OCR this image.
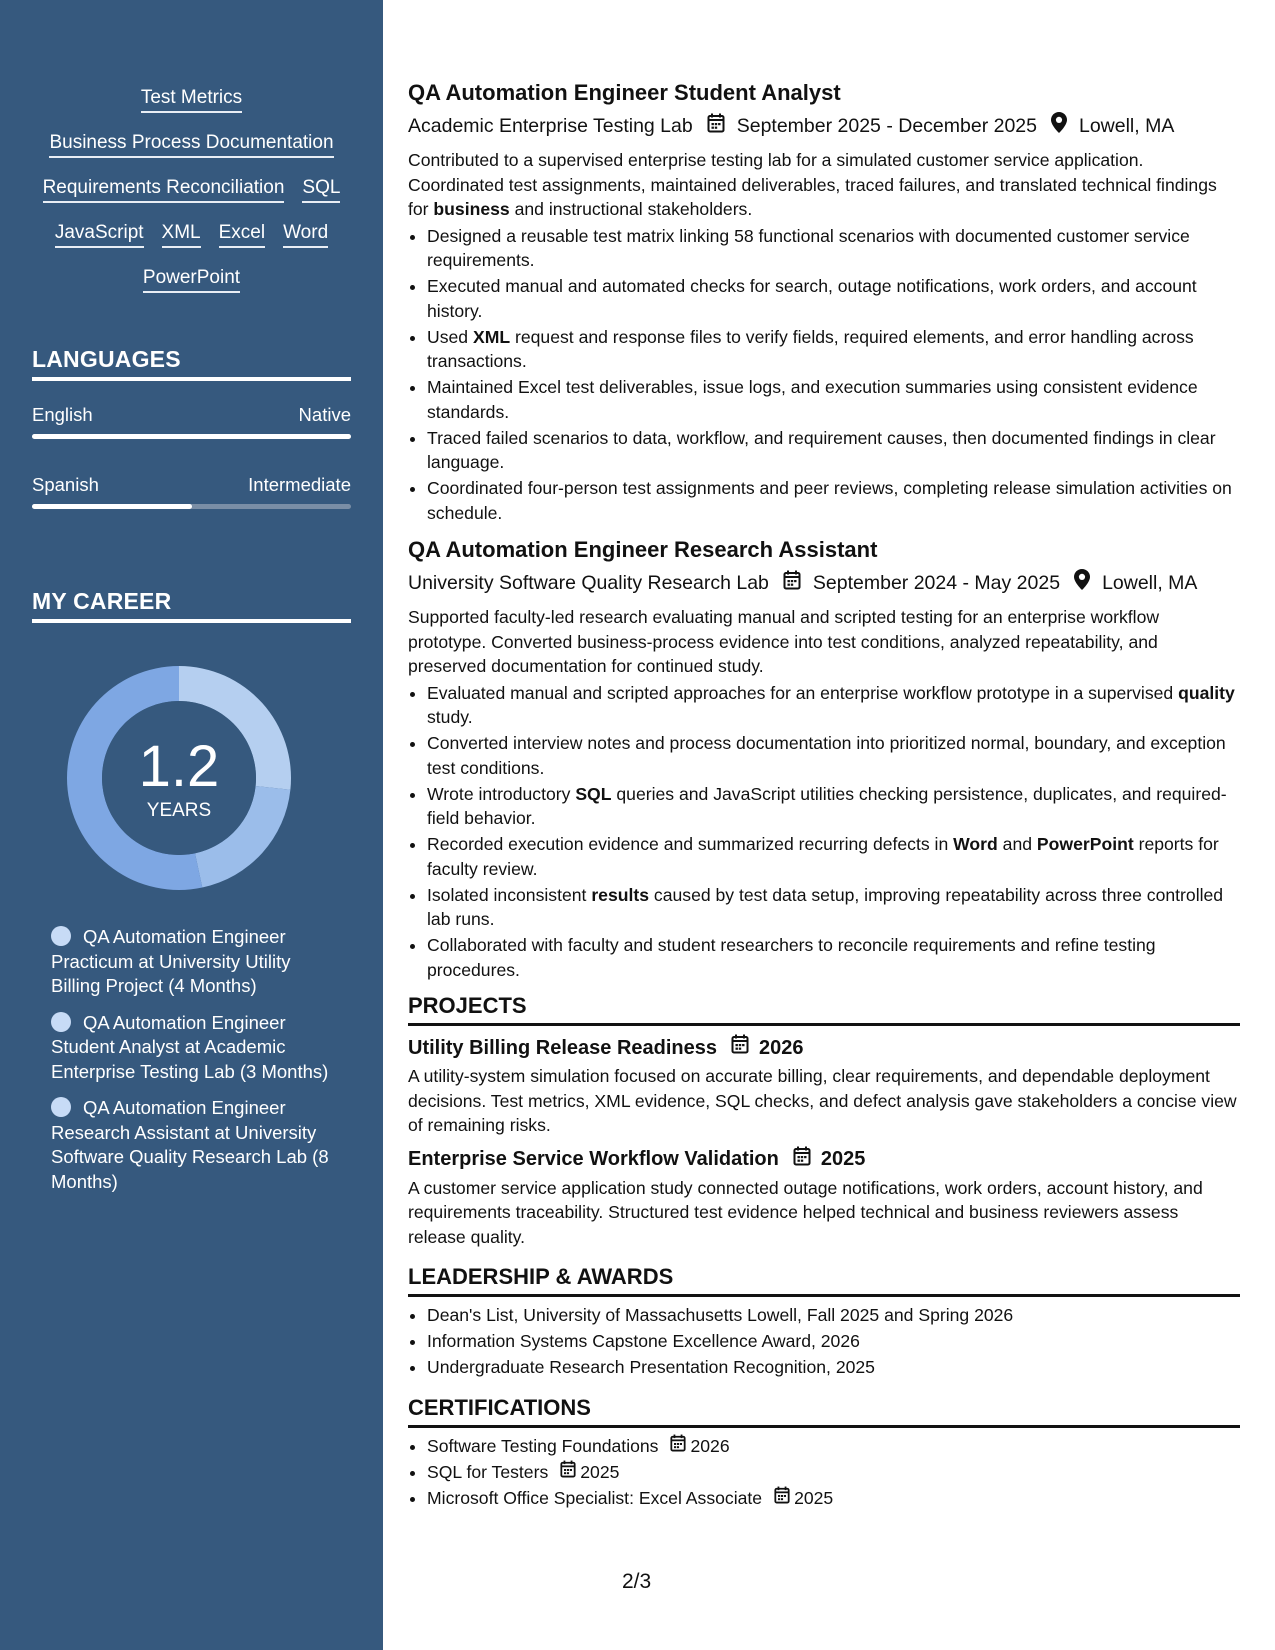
Test Metrics
Business Process Documentation
Requirements Reconciliation SQL
JavaScript XML Excel Word
PowerPoint
LANGUAGES
English	Native
Spanish	Intermediate
MY CAREER
1.2
YEARS
QA Automation Engineer Practicum at University Utility Billing Project (4 Months)
QA Automation Engineer Student Analyst at Academic Enterprise Testing Lab (3 Months)
QA Automation Engineer Research Assistant at University Software Quality Research Lab (8 Months)
QA Automation Engineer Student Analyst
Academic Enterprise Testing Lab September 2025 - December 2025 Lowell, MA
Contributed to a supervised enterprise testing lab for a simulated customer service application. Coordinated test assignments, maintained deliverables, traced failures, and translated technical findings for business and instructional stakeholders.
• Designed a reusable test matrix linking 58 functional scenarios with documented customer service requirements.
• Executed manual and automated checks for search, outage notifications, work orders, and account history.
• Used XML request and response files to verify fields, required elements, and error handling across transactions.
• Maintained Excel test deliverables, issue logs, and execution summaries using consistent evidence standards.
• Traced failed scenarios to data, workflow, and requirement causes, then documented findings in clear language.
• Coordinated four-person test assignments and peer reviews, completing release simulation activities on schedule.
QA Automation Engineer Research Assistant
University Software Quality Research Lab September 2024 - May 2025 Lowell, MA
Supported faculty-led research evaluating manual and scripted testing for an enterprise workflow prototype. Converted business-process evidence into test conditions, analyzed repeatability, and preserved documentation for continued study.
• Evaluated manual and scripted approaches for an enterprise workflow prototype in a supervised quality study.
• Converted interview notes and process documentation into prioritized normal, boundary, and exception test conditions.
• Wrote introductory SQL queries and JavaScript utilities checking persistence, duplicates, and required-field behavior.
• Recorded execution evidence and summarized recurring defects in Word and PowerPoint reports for faculty review.
• Isolated inconsistent results caused by test data setup, improving repeatability across three controlled lab runs.
• Collaborated with faculty and student researchers to reconcile requirements and refine testing procedures.
PROJECTS
Utility Billing Release Readiness 2026
A utility-system simulation focused on accurate billing, clear requirements, and dependable deployment decisions. Test metrics, XML evidence, SQL checks, and defect analysis gave stakeholders a concise view of remaining risks.
Enterprise Service Workflow Validation 2025
A customer service application study connected outage notifications, work orders, account history, and requirements traceability. Structured test evidence helped technical and business reviewers assess release quality.
LEADERSHIP & AWARDS
• Dean's List, University of Massachusetts Lowell, Fall 2025 and Spring 2026
• Information Systems Capstone Excellence Award, 2026
• Undergraduate Research Presentation Recognition, 2025
CERTIFICATIONS
• Software Testing Foundations 2026
• SQL for Testers 2025
• Microsoft Office Specialist: Excel Associate 2025
2/3
